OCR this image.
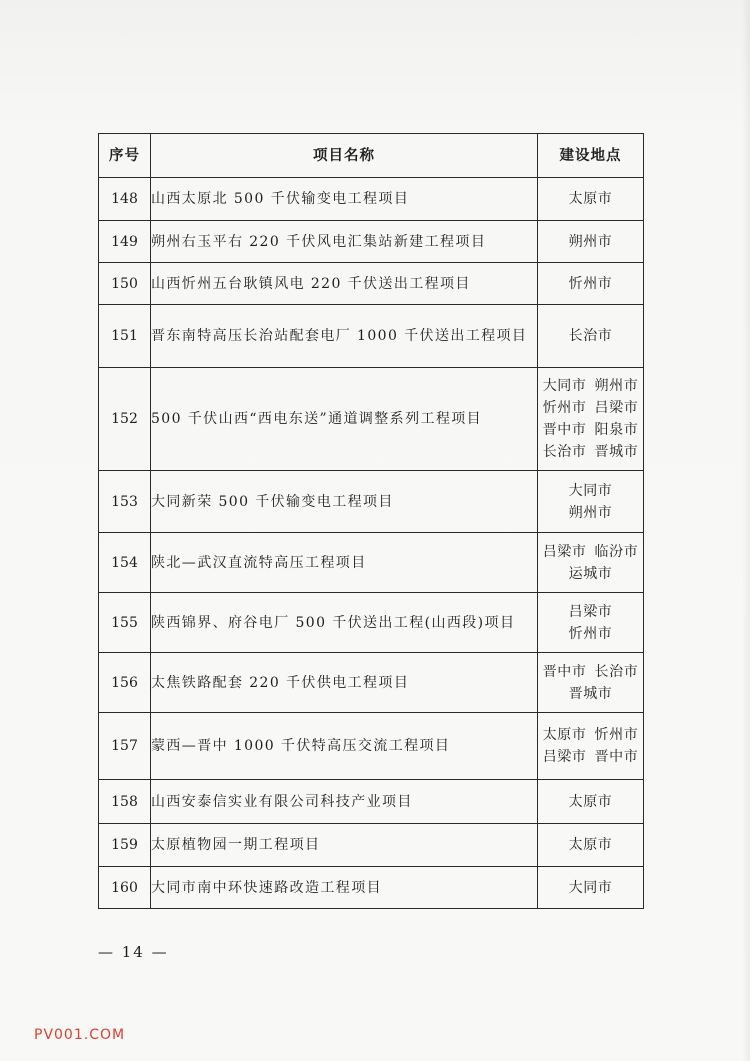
序号	项目名称	建设地点
148	山西太原北 500 千伏输变电工程项目	太原市

149	朔州右玉平右 220 千伏风电汇集站新建工程项目	朔州市

150	山西忻州五台耿镇风电 220 千伏送出工程项目	忻州市

151	晋东南特高压长治站配套电厂 1000 千伏送出工程项目	长治市

152	500 千伏山西“西电东送”通道调整系列工程项目	大同市 朔州市
忻州市 吕梁市
晋中市 阳泉市
长治市 晋城市

153	大同新荣 500 千伏输变电工程项目	大同市
朔州市

154	陕北—武汉直流特高压工程项目	吕梁市 临汾市
运城市

155	陕西锦界、府谷电厂 500 千伏送出工程(山西段)项目	吕梁市
忻州市

156	太焦铁路配套 220 千伏供电工程项目	晋中市 长治市
晋城市

157	蒙西—晋中 1000 千伏特高压交流工程项目	太原市 忻州市
吕梁市 晋中市

158	山西安泰信实业有限公司科技产业项目	太原市

159	太原植物园一期工程项目	太原市

160	大同市南中环快速路改造工程项目	大同市
— 14 —
PV001.COM
